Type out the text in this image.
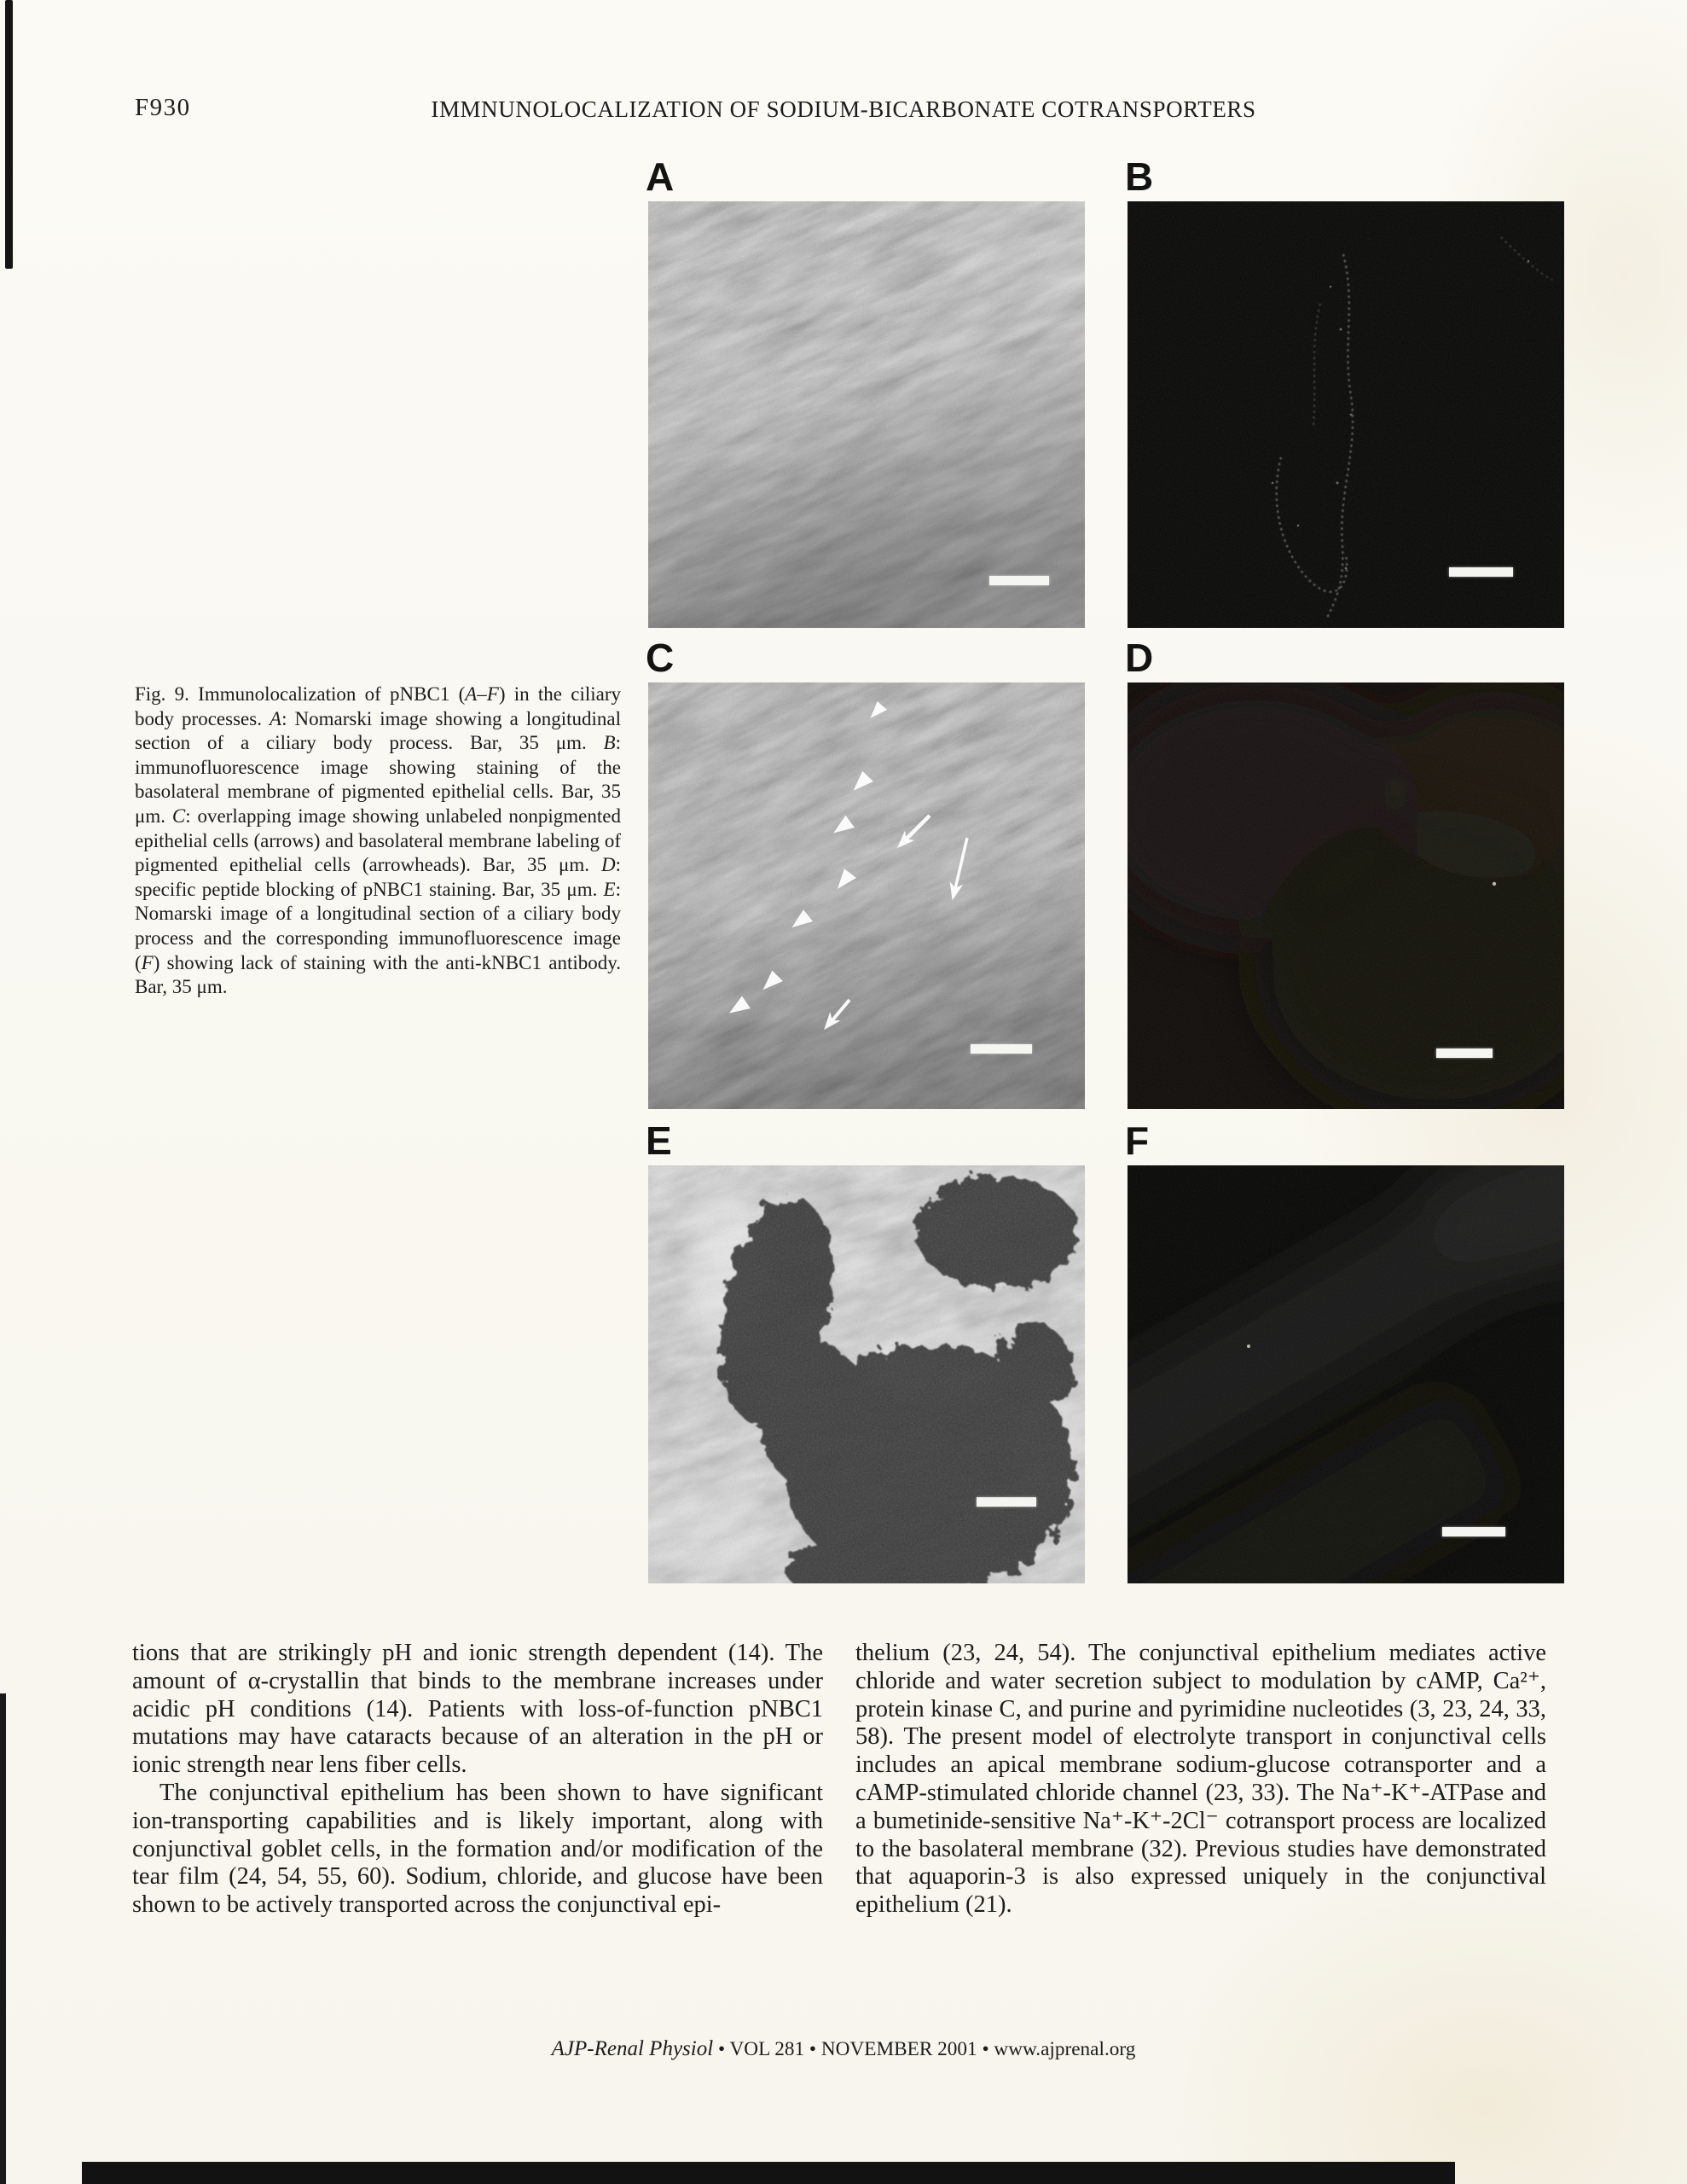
F930	IMMNUNOLOCALIZATION OF SODIUM-BICARBONATE COTRANSPORTERS
A	B
C	D
E	F
Fig. 9. Immunolocalization of pNBC1 (A–F) in the ciliary body processes. A: Nomarski image showing a longitudinal section of a ciliary body process. Bar, 35 μm. B: immunofluorescence image showing staining of the basolateral membrane of pigmented epithelial cells. Bar, 35 μm. C: overlapping image showing unlabeled nonpigmented epithelial cells (arrows) and basolateral membrane labeling of pigmented epithelial cells (arrowheads). Bar, 35 μm. D: specific peptide blocking of pNBC1 staining. Bar, 35 μm. E: Nomarski image of a longitudinal section of a ciliary body process and the corresponding immunofluorescence image (F) showing lack of staining with the anti-kNBC1 antibody. Bar, 35 μm.

tions that are strikingly pH and ionic strength dependent (14). The amount of α-crystallin that binds to the membrane increases under acidic pH conditions (14). Patients with loss-of-function pNBC1 mutations may have cataracts because of an alteration in the pH or ionic strength near lens fiber cells.

The conjunctival epithelium has been shown to have significant ion-transporting capabilities and is likely important, along with conjunctival goblet cells, in the formation and/or modification of the tear film (24, 54, 55, 60). Sodium, chloride, and glucose have been shown to be actively transported across the conjunctival epi-

thelium (23, 24, 54). The conjunctival epithelium mediates active chloride and water secretion subject to modulation by cAMP, Ca²⁺, protein kinase C, and purine and pyrimidine nucleotides (3, 23, 24, 33, 58). The present model of electrolyte transport in conjunctival cells includes an apical membrane sodium-glucose cotransporter and a cAMP-stimulated chloride channel (23, 33). The Na⁺-K⁺-ATPase and a bumetinide-sensitive Na⁺-K⁺-2Cl⁻ cotransport process are localized to the basolateral membrane (32). Previous studies have demonstrated that aquaporin-3 is also expressed uniquely in the conjunctival epithelium (21).

AJP-Renal Physiol • VOL 281 • NOVEMBER 2001 • www.ajprenal.org
